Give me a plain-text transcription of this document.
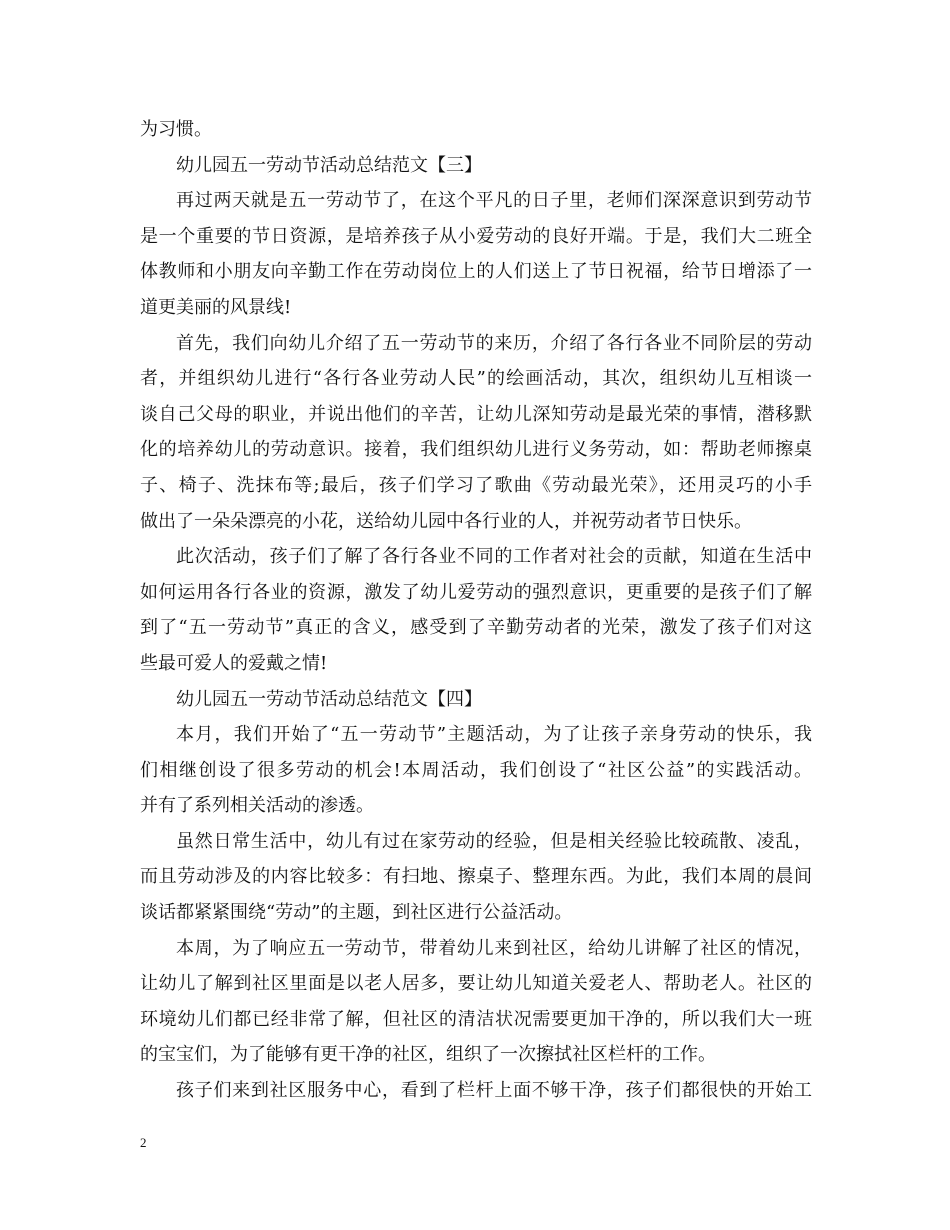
为习惯。
幼儿园五一劳动节活动总结范文【三】
再过两天就是五一劳动节了，在这个平凡的日子里，老师们深深意识到劳动节
是一个重要的节日资源，是培养孩子从小爱劳动的良好开端。于是，我们大二班全
体教师和小朋友向辛勤工作在劳动岗位上的人们送上了节日祝福，给节日增添了一
道更美丽的风景线!
首先，我们向幼儿介绍了五一劳动节的来历，介绍了各行各业不同阶层的劳动
者，并组织幼儿进行“各行各业劳动人民”的绘画活动，其次，组织幼儿互相谈一
谈自己父母的职业，并说出他们的辛苦，让幼儿深知劳动是最光荣的事情，潜移默
化的培养幼儿的劳动意识。接着，我们组织幼儿进行义务劳动，如：帮助老师擦桌
子、椅子、洗抹布等;最后，孩子们学习了歌曲《劳动最光荣》，还用灵巧的小手
做出了一朵朵漂亮的小花，送给幼儿园中各行业的人，并祝劳动者节日快乐。
此次活动，孩子们了解了各行各业不同的工作者对社会的贡献，知道在生活中
如何运用各行各业的资源，激发了幼儿爱劳动的强烈意识，更重要的是孩子们了解
到了“五一劳动节”真正的含义，感受到了辛勤劳动者的光荣，激发了孩子们对这
些最可爱人的爱戴之情!
幼儿园五一劳动节活动总结范文【四】
本月，我们开始了“五一劳动节”主题活动，为了让孩子亲身劳动的快乐，我
们相继创设了很多劳动的机会!本周活动，我们创设了“社区公益”的实践活动。
并有了系列相关活动的渗透。
虽然日常生活中，幼儿有过在家劳动的经验，但是相关经验比较疏散、凌乱，
而且劳动涉及的内容比较多：有扫地、擦桌子、整理东西。为此，我们本周的晨间
谈话都紧紧围绕“劳动”的主题，到社区进行公益活动。
本周，为了响应五一劳动节，带着幼儿来到社区，给幼儿讲解了社区的情况，
让幼儿了解到社区里面是以老人居多，要让幼儿知道关爱老人、帮助老人。社区的
环境幼儿们都已经非常了解，但社区的清洁状况需要更加干净的，所以我们大一班
的宝宝们，为了能够有更干净的社区，组织了一次擦拭社区栏杆的工作。
孩子们来到社区服务中心，看到了栏杆上面不够干净，孩子们都很快的开始工
2
